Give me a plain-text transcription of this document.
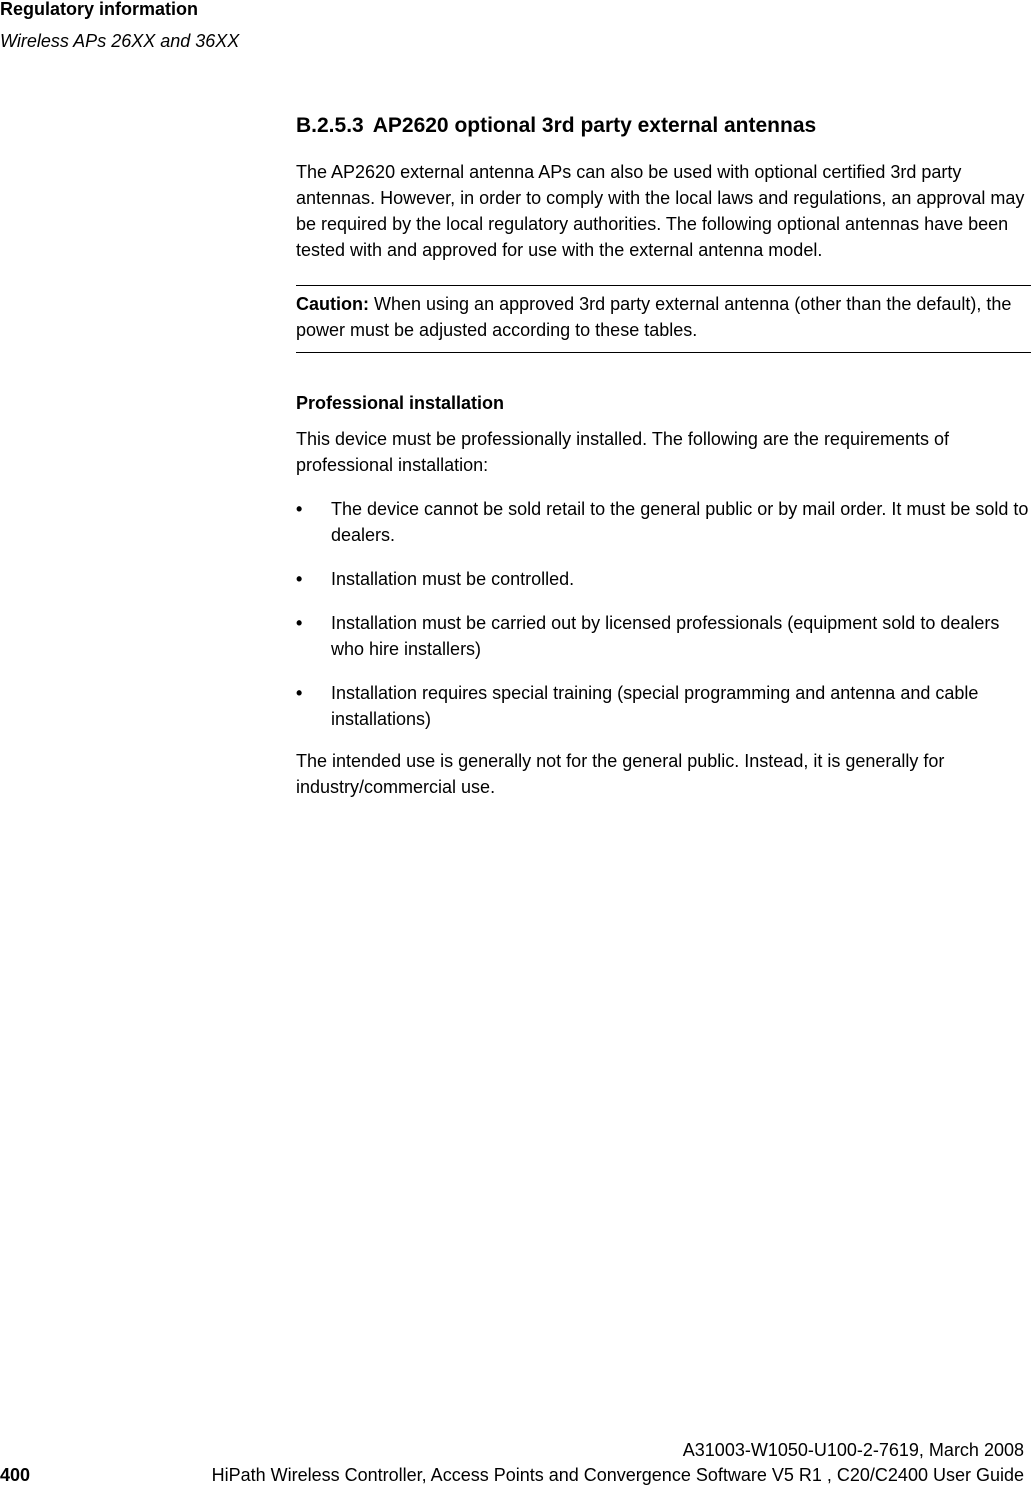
Regulatory information
Wireless APs 26XX and 36XX
B.2.5.3 AP2620 optional 3rd party external antennas

The AP2620 external antenna APs can also be used with optional certified 3rd party antennas. However, in order to comply with the local laws and regulations, an approval may be required by the local regulatory authorities. The following optional antennas have been tested with and approved for use with the external antenna model.

Caution: When using an approved 3rd party external antenna (other than the default), the power must be adjusted according to these tables.

Professional installation

This device must be professionally installed. The following are the requirements of professional installation:

• The device cannot be sold retail to the general public or by mail order. It must be sold to dealers.
• Installation must be controlled.
• Installation must be carried out by licensed professionals (equipment sold to dealers who hire installers)
• Installation requires special training (special programming and antenna and cable installations)

The intended use is generally not for the general public. Instead, it is generally for industry/commercial use.

A31003-W1050-U100-2-7619, March 2008
400	HiPath Wireless Controller, Access Points and Convergence Software V5 R1 , C20/C2400 User Guide
